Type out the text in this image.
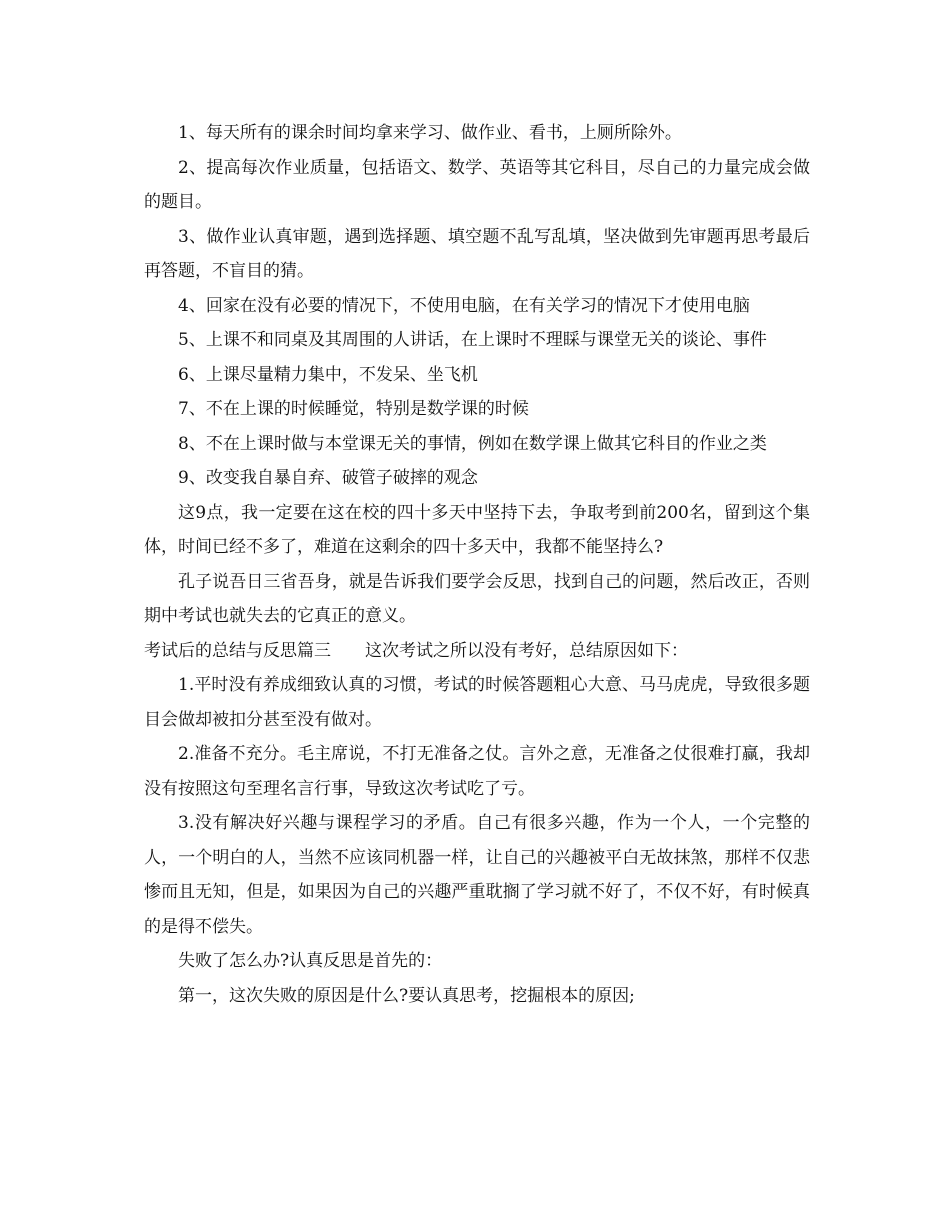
1、每天所有的课余时间均拿来学习、做作业、看书，上厕所除外。

2、提高每次作业质量，包括语文、数学、英语等其它科目，尽自己的力量完成会做的题目。

3、做作业认真审题，遇到选择题、填空题不乱写乱填，坚决做到先审题再思考最后再答题，不盲目的猜。

4、回家在没有必要的情况下，不使用电脑，在有关学习的情况下才使用电脑

5、上课不和同桌及其周围的人讲话，在上课时不理睬与课堂无关的谈论、事件

6、上课尽量精力集中，不发呆、坐飞机

7、不在上课的时候睡觉，特别是数学课的时候

8、不在上课时做与本堂课无关的事情，例如在数学课上做其它科目的作业之类

9、改变我自暴自弃、破管子破摔的观念

这9点，我一定要在这在校的四十多天中坚持下去，争取考到前200名，留到这个集体，时间已经不多了，难道在这剩余的四十多天中，我都不能坚持么?

孔子说吾日三省吾身，就是告诉我们要学会反思，找到自己的问题，然后改正，否则期中考试也就失去的它真正的意义。

考试后的总结与反思篇三　　这次考试之所以没有考好，总结原因如下：

1.平时没有养成细致认真的习惯，考试的时候答题粗心大意、马马虎虎，导致很多题目会做却被扣分甚至没有做对。

2.准备不充分。毛主席说，不打无准备之仗。言外之意，无准备之仗很难打赢，我却没有按照这句至理名言行事，导致这次考试吃了亏。

3.没有解决好兴趣与课程学习的矛盾。自己有很多兴趣，作为一个人，一个完整的人，一个明白的人，当然不应该同机器一样，让自己的兴趣被平白无故抹煞，那样不仅悲惨而且无知，但是，如果因为自己的兴趣严重耽搁了学习就不好了，不仅不好，有时候真的是得不偿失。

失败了怎么办?认真反思是首先的：

第一，这次失败的原因是什么?要认真思考，挖掘根本的原因;
